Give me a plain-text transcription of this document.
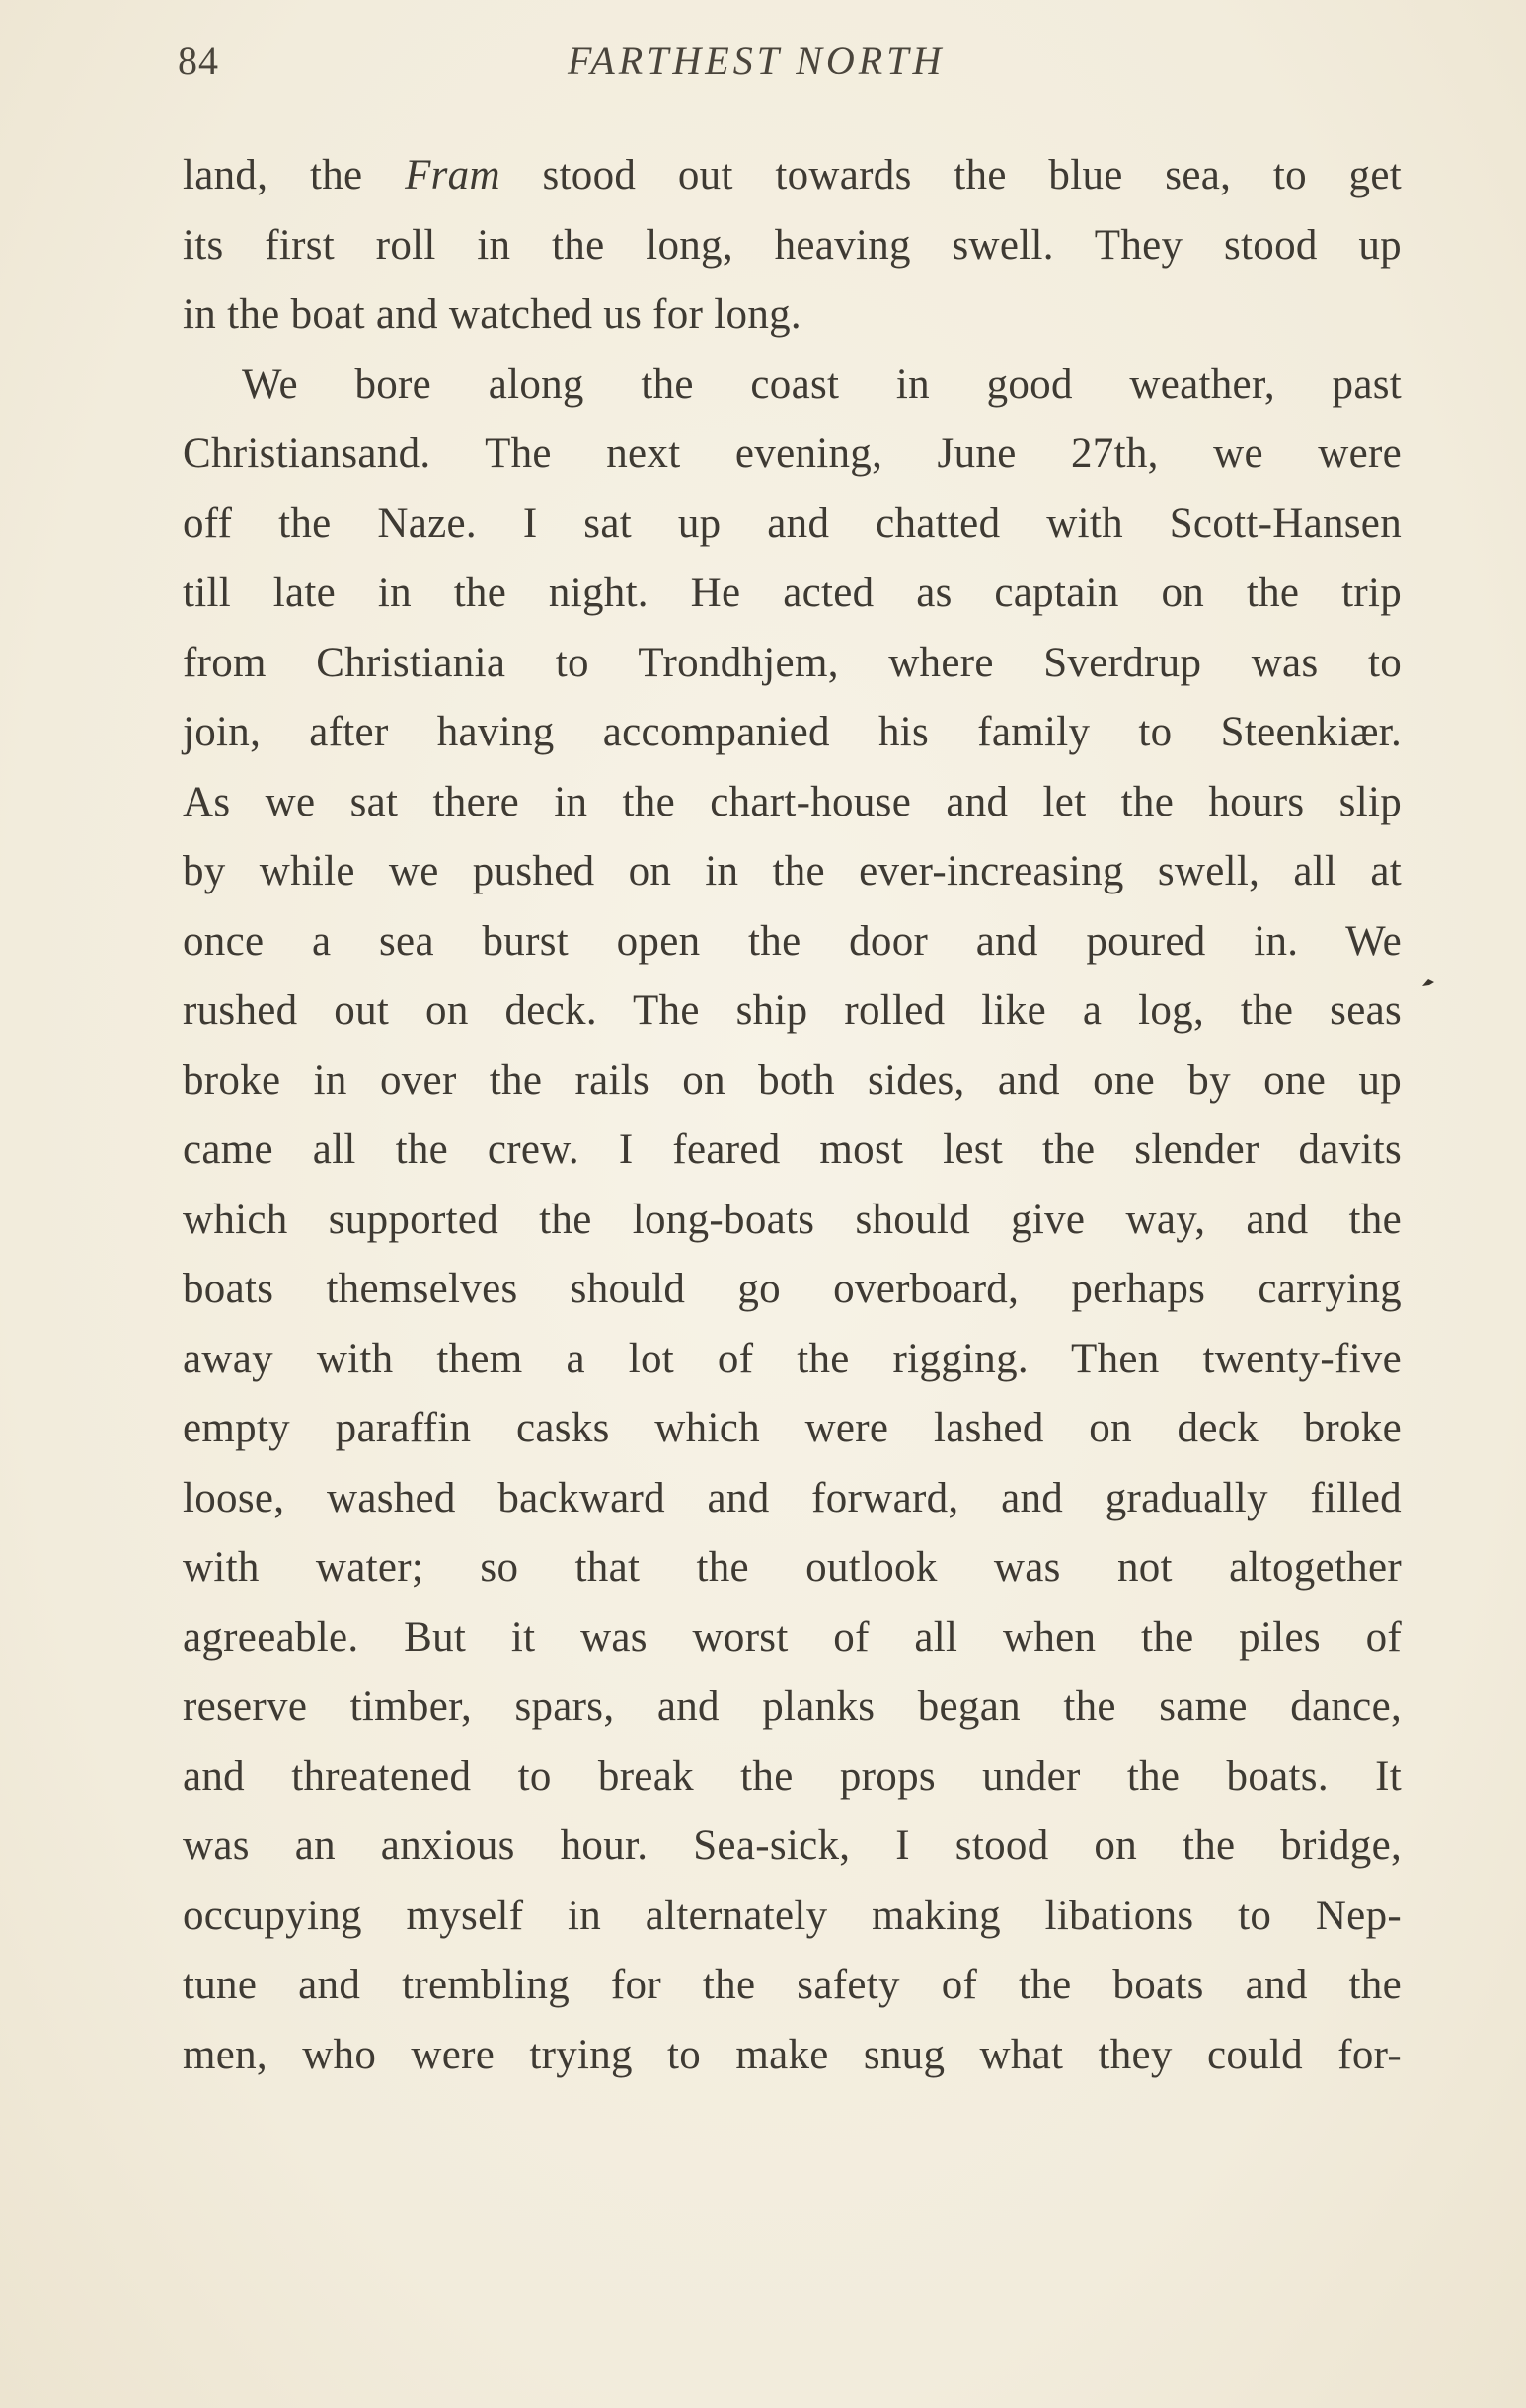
84	FARTHEST NORTH
land, the Fram stood out towards the blue sea, to get
its first roll in the long, heaving swell. They stood up
in the boat and watched us for long.
We bore along the coast in good weather, past
Christiansand. The next evening, June 27th, we were
off the Naze. I sat up and chatted with Scott-Hansen
till late in the night. He acted as captain on the trip
from Christiania to Trondhjem, where Sverdrup was to
join, after having accompanied his family to Steenkiær.
As we sat there in the chart-house and let the hours slip
by while we pushed on in the ever-increasing swell, all at
once a sea burst open the door and poured in. We
rushed out on deck. The ship rolled like a log, the seas
broke in over the rails on both sides, and one by one up
came all the crew. I feared most lest the slender davits
which supported the long-boats should give way, and the
boats themselves should go overboard, perhaps carrying
away with them a lot of the rigging. Then twenty-five
empty paraffin casks which were lashed on deck broke
loose, washed backward and forward, and gradually filled
with water; so that the outlook was not altogether
agreeable. But it was worst of all when the piles of
reserve timber, spars, and planks began the same dance,
and threatened to break the props under the boats. It
was an anxious hour. Sea-sick, I stood on the bridge,
occupying myself in alternately making libations to Nep-
tune and trembling for the safety of the boats and the
men, who were trying to make snug what they could for-
